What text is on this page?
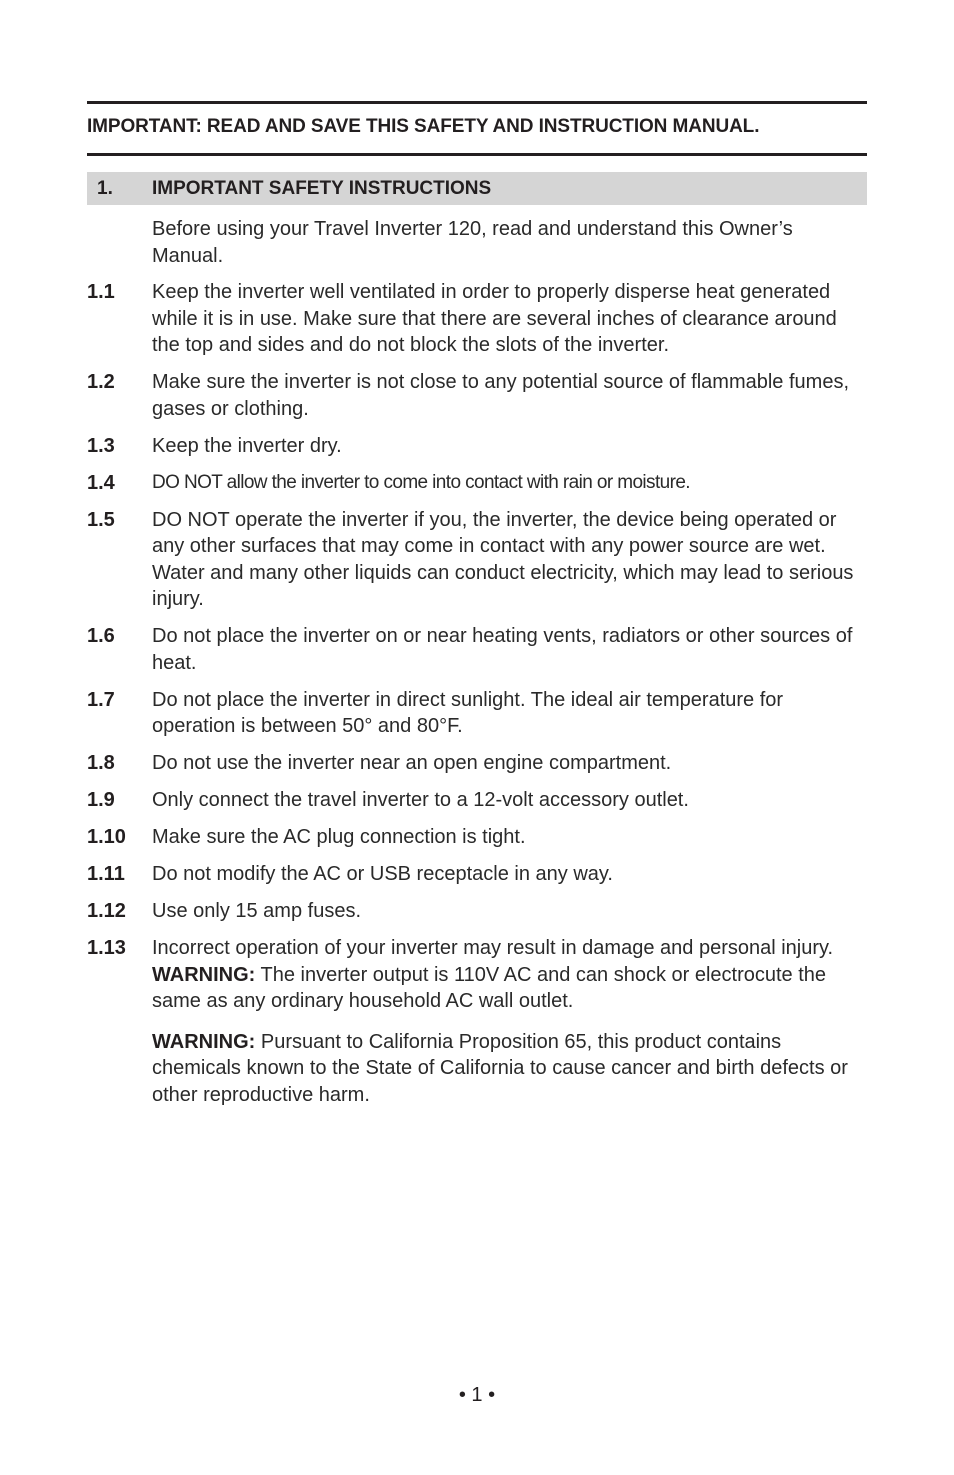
IMPORTANT: READ AND SAVE THIS SAFETY AND INSTRUCTION MANUAL.
1. IMPORTANT SAFETY INSTRUCTIONS

Before using your Travel Inverter 120, read and understand this Owner’s Manual.

1.1 Keep the inverter well ventilated in order to properly disperse heat generated while it is in use. Make sure that there are several inches of clearance around the top and sides and do not block the slots of the inverter.
1.2 Make sure the inverter is not close to any potential source of flammable fumes, gases or clothing.
1.3 Keep the inverter dry.
1.4 DO NOT allow the inverter to come into contact with rain or moisture.
1.5 DO NOT operate the inverter if you, the inverter, the device being operated or any other surfaces that may come in contact with any power source are wet. Water and many other liquids can conduct electricity, which may lead to serious injury.
1.6 Do not place the inverter on or near heating vents, radiators or other sources of heat.
1.7 Do not place the inverter in direct sunlight. The ideal air temperature for operation is between 50° and 80°F.
1.8 Do not use the inverter near an open engine compartment.
1.9 Only connect the travel inverter to a 12-volt accessory outlet.
1.10 Make sure the AC plug connection is tight.
1.11 Do not modify the AC or USB receptacle in any way.
1.12 Use only 15 amp fuses.
1.13 Incorrect operation of your inverter may result in damage and personal injury. WARNING: The inverter output is 110V AC and can shock or electrocute the same as any ordinary household AC wall outlet.

WARNING: Pursuant to California Proposition 65, this product contains chemicals known to the State of California to cause cancer and birth defects or other reproductive harm.

• 1 •
